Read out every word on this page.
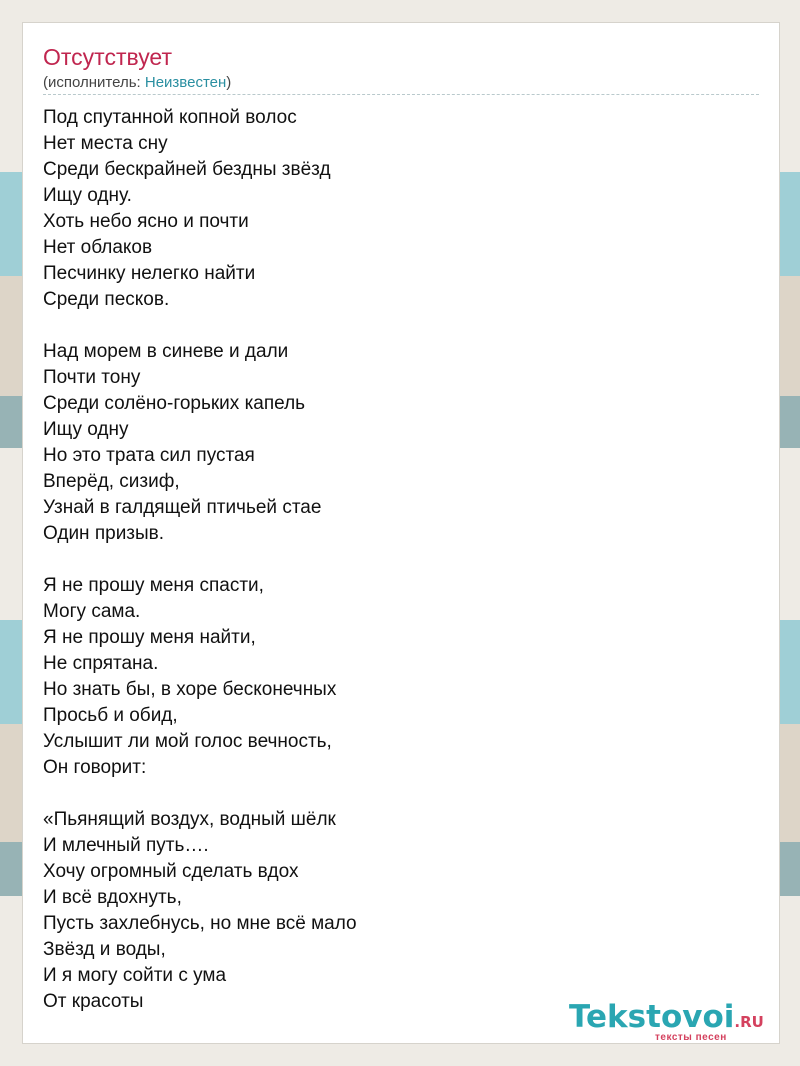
Отсутствует
(исполнитель: Неизвестен)
Под спутанной копной волос
Нет места сну
Среди бескрайней бездны звёзд
Ищу одну.
Хоть небо ясно и почти
Нет облаков
Песчинку нелегко найти
Среди песков.
Над морем в синеве и дали
Почти тону
Среди солёно-горьких капель
Ищу одну
Но это трата сил пустая
Вперёд, сизиф,
Узнай в галдящей птичьей стае
Один призыв.
Я не прошу меня спасти,
Могу сама.
Я не прошу меня найти,
Не спрятана.
Но знать бы, в хоре бесконечных
Просьб и обид,
Услышит ли мой голос вечность,
Он говорит:
«Пьянящий воздух, водный шёлк
И млечный путь….
Хочу огромный сделать вдох
И всё вдохнуть,
Пусть захлебнусь, но мне всё мало
Звёзд и воды,
И я могу сойти с ума
От красоты	Tekstovoi.RU
тексты песен
